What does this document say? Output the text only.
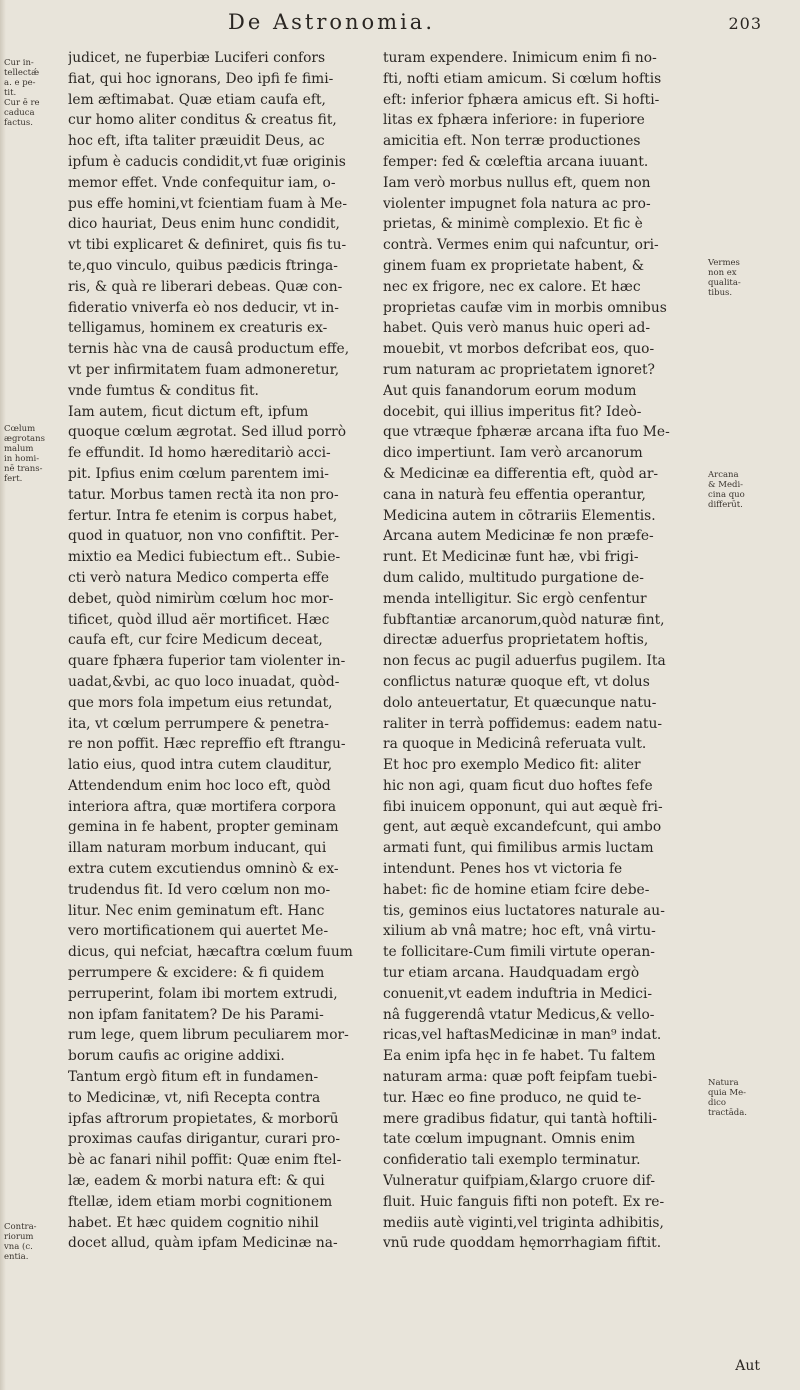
De Astronomia.	203
Cur in-
tellectǽ
a. e pe-
tit.
Cur ē re
caduca
factus.
Cœlum
ægrotans
malum
in homi-
nē trans-
fert.
Contra-
riorum
vna (c.
entia.
judicet, ne fuperbiæ Luciferi confors
fiat, qui hoc ignorans, Deo ipfi fe fimi-
lem æftimabat. Quæ etiam caufa eft,
cur homo aliter conditus & creatus fit,
hoc eft, ifta taliter præuidit Deus, ac
ipfum è caducis condidit,vt fuæ originis
memor effet. Vnde confequitur iam, o-
pus effe homini,vt fcientiam fuam à Me-
dico hauriat, Deus enim hunc condidit,
vt tibi explicaret & definiret, quis fis tu-
te,quo vinculo, quibus pædicis ftringa-
ris, & quà re liberari debeas. Quæ con-
fideratio vniverfa eò nos deducir, vt in-
telligamus, hominem ex creaturis ex-
ternis hàc vna de causâ productum effe,
vt per infirmitatem fuam admoneretur,
vnde fumtus & conditus fit.
Iam autem, ficut dictum eft, ipfum
quoque cœlum ægrotat. Sed illud porrò
fe effundit. Id homo hæreditariò acci-
pit. Ipfius enim cœlum parentem imi-
tatur. Morbus tamen rectà ita non pro-
fertur. Intra fe etenim is corpus habet,
quod in quatuor, non vno confiftit. Per-
mixtio ea Medici fubiectum eft.. Subie-
cti verò natura Medico comperta effe
debet, quòd nimirùm cœlum hoc mor-
tificet, quòd illud aër mortificet. Hæc
caufa eft, cur fcire Medicum deceat,
quare fphæra fuperior tam violenter in-
uadat,&vbi, ac quo loco inuadat, quòd-
que mors fola impetum eius retundat,
ita, vt cœlum perrumpere & penetra-
re non poffit. Hæc repreffio eft ftrangu-
latio eius, quod intra cutem clauditur,
Attendendum enim hoc loco eft, quòd
interiora aftra, quæ mortifera corpora
gemina in fe habent, propter geminam
illam naturam morbum inducant, qui
extra cutem excutiendus omninò & ex-
trudendus fit. Id vero cœlum non mo-
litur. Nec enim geminatum eft. Hanc
vero mortificationem qui auertet Me-
dicus, qui nefciat, hæcaftra cœlum fuum
perrumpere & excidere: & fi quidem
perruperint, folam ibi mortem extrudi,
non ipfam fanitatem? De his Parami-
rum lege, quem librum peculiarem mor-
borum caufis ac origine addixi.
Tantum ergò fitum eft in fundamen-
to Medicinæ, vt, nifi Recepta contra
ipfas aftrorum propietates, & morborū
proximas caufas dirigantur, curari pro-
bè ac fanari nihil poffit: Quæ enim ftel-
læ, eadem & morbi natura eft: & qui
ftellæ, idem etiam morbi cognitionem
habet. Et hæc quidem cognitio nihil
docet allud, quàm ipfam Medicinæ na-
turam expendere. Inimicum enim fi no-
fti, nofti etiam amicum. Si cœlum hoftis
eft: inferior fphæra amicus eft. Si hofti-
litas ex fphæra inferiore: in fuperiore
amicitia eft. Non terræ productiones
femper: fed & cœleftia arcana iuuant.
Iam verò morbus nullus eft, quem non
violenter impugnet fola natura ac pro-
prietas, & minimè complexio. Et fic è
contrà. Vermes enim qui nafcuntur, ori-
ginem fuam ex proprietate habent, &
nec ex frigore, nec ex calore. Et hæc
proprietas caufæ vim in morbis omnibus
habet. Quis verò manus huic operi ad-
mouebit, vt morbos defcribat eos, quo-
rum naturam ac proprietatem ignoret?
Aut quis fanandorum eorum modum
docebit, qui illius imperitus fit? Ideò-
que vtræque fphæræ arcana ifta fuo Me-
dico impertiunt. Iam verò arcanorum
& Medicinæ ea differentia eft, quòd ar-
cana in naturà feu effentia operantur,
Medicina autem in cōtrariis Elementis.
Arcana autem Medicinæ fe non præfe-
runt. Et Medicinæ funt hæ, vbi frigi-
dum calido, multitudo purgatione de-
menda intelligitur. Sic ergò cenfentur
fubftantiæ arcanorum,quòd naturæ fint,
directæ aduerfus proprietatem hoftis,
non fecus ac pugil aduerfus pugilem. Ita
conflictus naturæ quoque eft, vt dolus
dolo anteuertatur, Et quæcunque natu-
raliter in terrà poffidemus: eadem natu-
ra quoque in Medicinâ referuata vult.
Et hoc pro exemplo Medico fit: aliter
hic non agi, quam ficut duo hoftes fefe
fibi inuicem opponunt, qui aut æquè fri-
gent, aut æquè excandefcunt, qui ambo
armati funt, qui fimilibus armis luctam
intendunt. Penes hos vt victoria fe
habet: fic de homine etiam fcire debe-
tis, geminos eius luctatores naturale au-
xilium ab vnâ matre; hoc eft, vnâ virtu-
te follicitare-Cum fimili virtute operan-
tur etiam arcana. Haudquadam ergò
conuenit,vt eadem induftria in Medici-
nâ fuggerendâ vtatur Medicus,& vello-
ricas,vel haftasMedicinæ in man⁹ indat.
Ea enim ipfa hęc in fe habet. Tu faltem
naturam arma: quæ poft feipfam tuebi-
tur. Hæc eo fine produco, ne quid te-
mere gradibus fidatur, qui tantà hoftili-
tate cœlum impugnant. Omnis enim
confideratio tali exemplo terminatur.
Vulneratur quifpiam,&largo cruore dif-
fluit. Huic fanguis fifti non poteft. Ex re-
mediis autè viginti,vel triginta adhibitis,
vnū rude quoddam hęmorrhagiam fiftit.
Vermes
non ex
qualita-
tibus.
Arcana
& Medi-
cina quo
differūt.
Natura
quia Me-
dico
tractāda.
Aut
